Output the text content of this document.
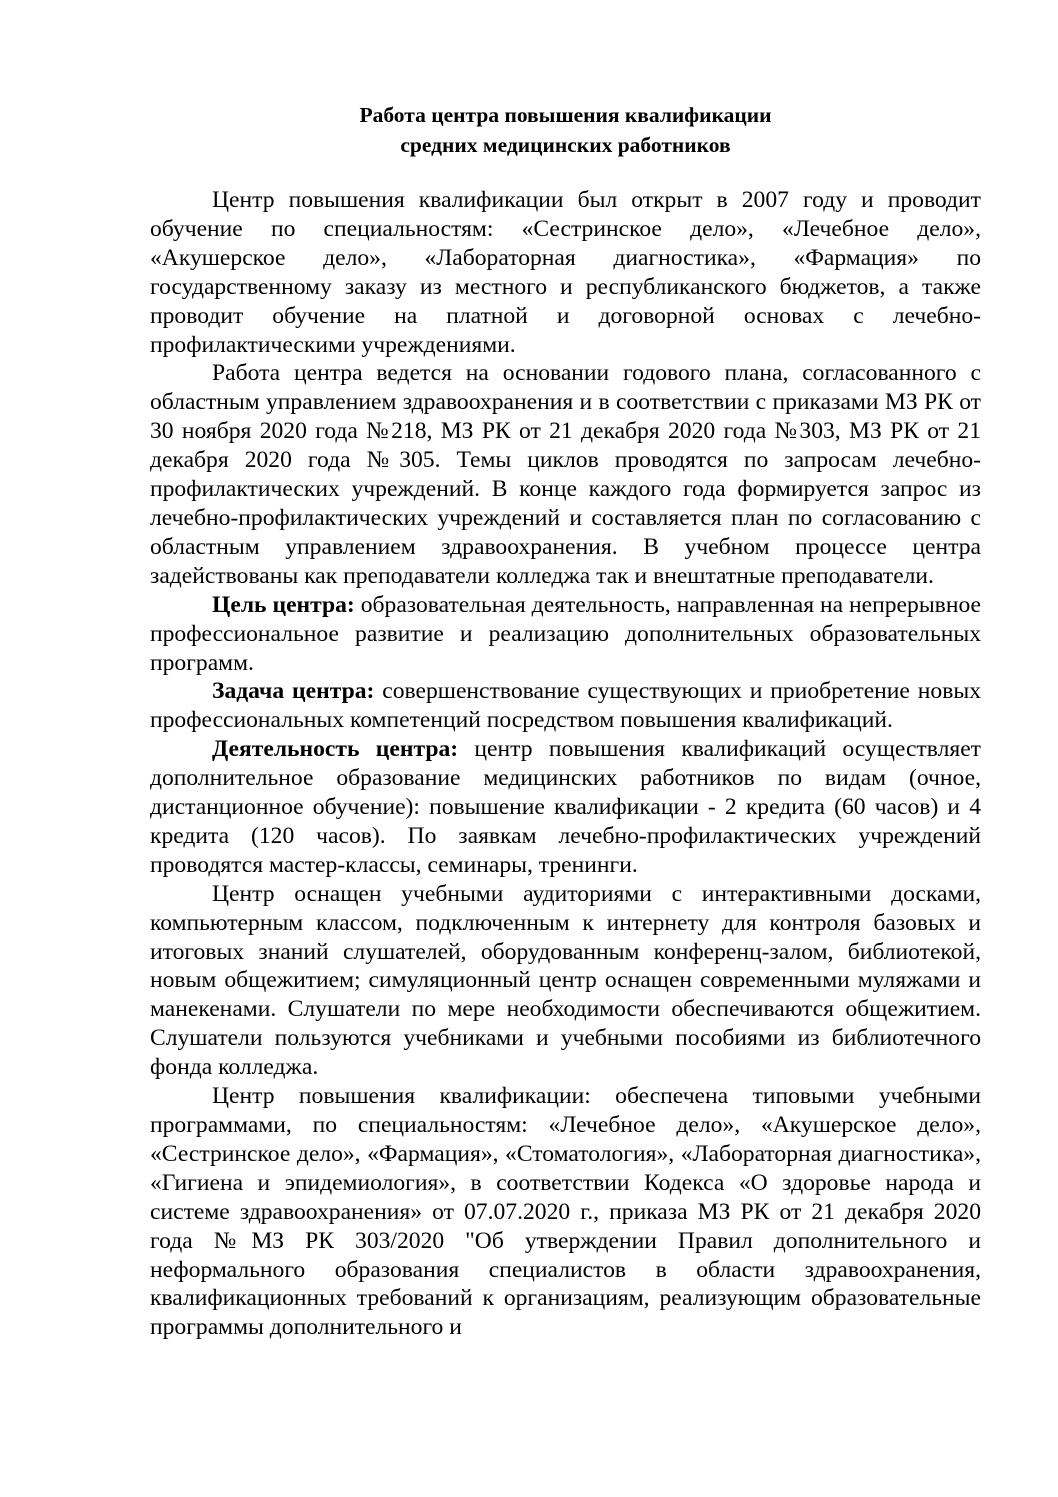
Работа центра повышения квалификации
средних медицинских работников

Центр повышения квалификации был открыт в 2007 году и проводит обучение по специальностям: «Сестринское дело», «Лечебное дело», «Акушерское дело», «Лабораторная диагностика», «Фармация» по государственному заказу из местного и республиканского бюджетов, а также проводит обучение на платной и договорной основах с лечебно-профилактическими учреждениями.

Работа центра ведется на основании годового плана, согласованного с областным управлением здравоохранения и в соответствии с приказами МЗ РК от 30 ноября 2020 года №218, МЗ РК от 21 декабря 2020 года №303, МЗ РК от 21 декабря 2020 года №305. Темы циклов проводятся по запросам лечебно-профилактических учреждений. В конце каждого года формируется запрос из лечебно-профилактических учреждений и составляется план по согласованию с областным управлением здравоохранения. В учебном процессе центра задействованы как преподаватели колледжа так и внештатные преподаватели.

Цель центра: образовательная деятельность, направленная на непрерывное профессиональное развитие и реализацию дополнительных образовательных программ.

Задача центра: совершенствование существующих и приобретение новых профессиональных компетенций посредством повышения квалификаций.

Деятельность центра: центр повышения квалификаций осуществляет дополнительное образование медицинских работников по видам (очное, дистанционное обучение): повышение квалификации - 2 кредита (60 часов) и 4 кредита (120 часов). По заявкам лечебно-профилактических учреждений проводятся мастер-классы, семинары, тренинги.

Центр оснащен учебными аудиториями с интерактивными досками, компьютерным классом, подключенным к интернету для контроля базовых и итоговых знаний слушателей, оборудованным конференц-залом, библиотекой, новым общежитием; симуляционный центр оснащен современными муляжами и манекенами. Слушатели по мере необходимости обеспечиваются общежитием. Слушатели пользуются учебниками и учебными пособиями из библиотечного фонда колледжа.

Центр повышения квалификации: обеспечена типовыми учебными программами, по специальностям: «Лечебное дело», «Акушерское дело», «Сестринское дело», «Фармация», «Стоматология», «Лабораторная диагностика», «Гигиена и эпидемиология», в соответствии Кодекса «О здоровье народа и системе здравоохранения» от 07.07.2020 г., приказа МЗ РК от 21 декабря 2020 года №МЗ РК 303/2020 "Об утверждении Правил дополнительного и неформального образования специалистов в области здравоохранения, квалификационных требований к организациям, реализующим образовательные программы дополнительного и
